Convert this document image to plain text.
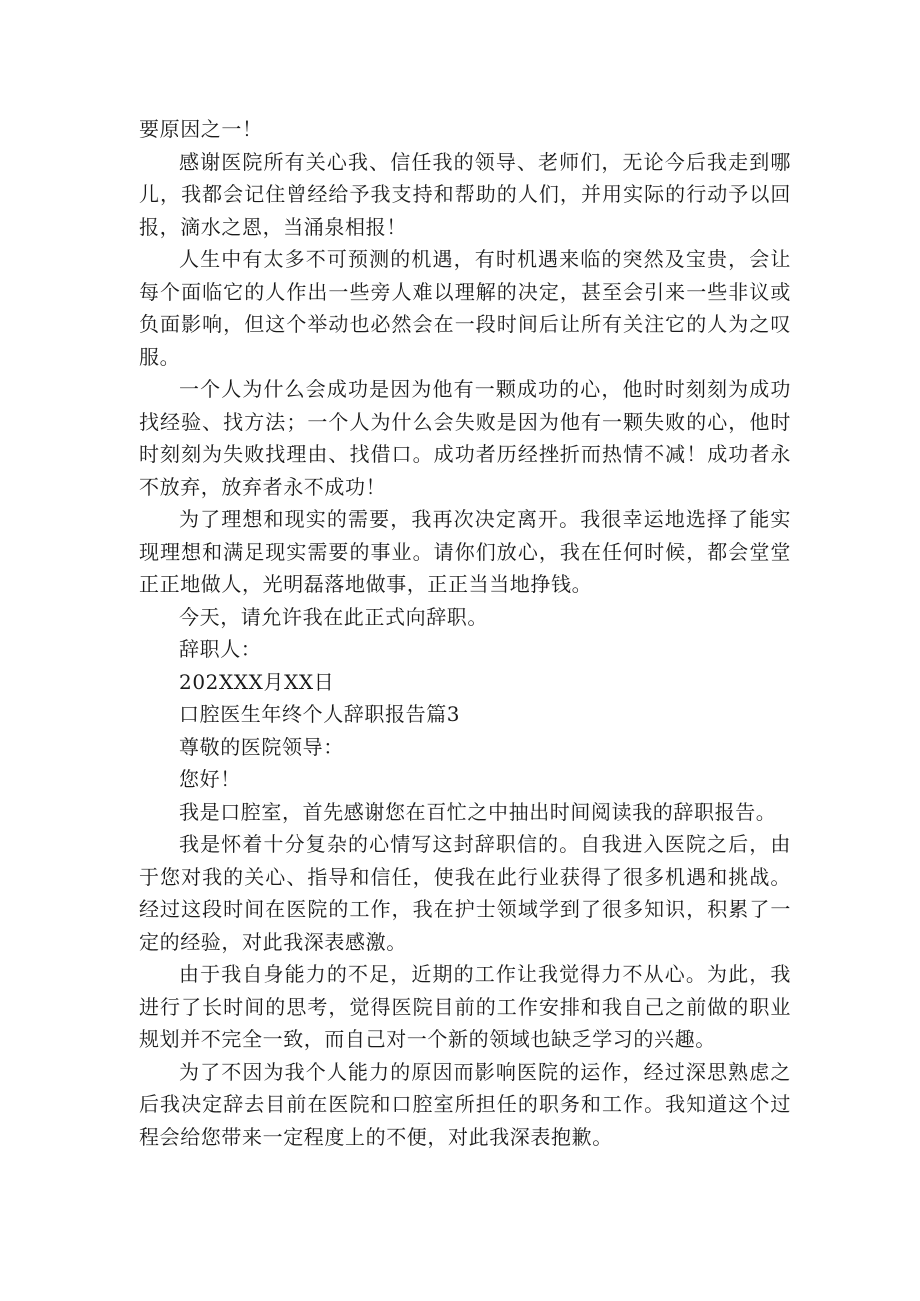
要原因之一！

感谢医院所有关心我、信任我的领导、老师们，无论今后我走到哪儿，我都会记住曾经给予我支持和帮助的人们，并用实际的行动予以回报，滴水之恩，当涌泉相报！

人生中有太多不可预测的机遇，有时机遇来临的突然及宝贵，会让每个面临它的人作出一些旁人难以理解的决定，甚至会引来一些非议或负面影响，但这个举动也必然会在一段时间后让所有关注它的人为之叹服。

一个人为什么会成功是因为他有一颗成功的心，他时时刻刻为成功找经验、找方法；一个人为什么会失败是因为他有一颗失败的心，他时时刻刻为失败找理由、找借口。成功者历经挫折而热情不减！成功者永不放弃，放弃者永不成功！

为了理想和现实的需要，我再次决定离开。我很幸运地选择了能实现理想和满足现实需要的事业。请你们放心，我在任何时候，都会堂堂正正地做人，光明磊落地做事，正正当当地挣钱。

今天，请允许我在此正式向辞职。

辞职人：

202XXX月XX日

口腔医生年终个人辞职报告篇3

尊敬的医院领导：

您好！

我是口腔室，首先感谢您在百忙之中抽出时间阅读我的辞职报告。

我是怀着十分复杂的心情写这封辞职信的。自我进入医院之后，由于您对我的关心、指导和信任，使我在此行业获得了很多机遇和挑战。经过这段时间在医院的工作，我在护士领域学到了很多知识，积累了一定的经验，对此我深表感激。

由于我自身能力的不足，近期的工作让我觉得力不从心。为此，我进行了长时间的思考，觉得医院目前的工作安排和我自己之前做的职业规划并不完全一致，而自己对一个新的领域也缺乏学习的兴趣。

为了不因为我个人能力的原因而影响医院的运作，经过深思熟虑之后我决定辞去目前在医院和口腔室所担任的职务和工作。我知道这个过程会给您带来一定程度上的不便，对此我深表抱歉。
